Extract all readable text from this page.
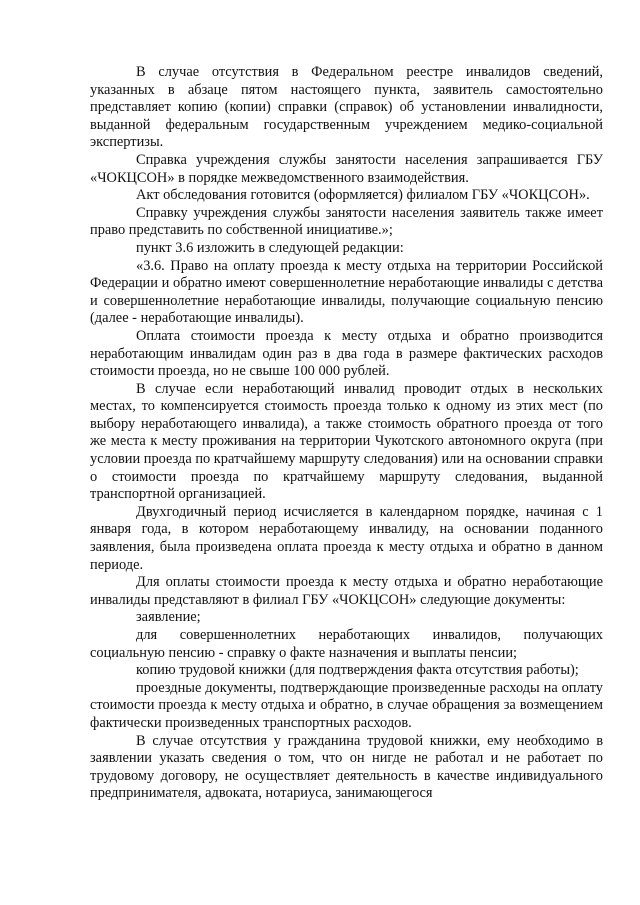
В случае отсутствия в Федеральном реестре инвалидов сведений, указанных в абзаце пятом настоящего пункта, заявитель самостоятельно представляет копию (копии) справки (справок) об установлении инвалидности, выданной федеральным государственным учреждением медико-социальной экспертизы.

Справка учреждения службы занятости населения запрашивается ГБУ «ЧОКЦСОН» в порядке межведомственного взаимодействия.

Акт обследования готовится (оформляется) филиалом ГБУ «ЧОКЦСОН».

Справку учреждения службы занятости населения заявитель также имеет право представить по собственной инициативе.»;

пункт 3.6 изложить в следующей редакции:

«3.6. Право на оплату проезда к месту отдыха на территории Российской Федерации и обратно имеют совершеннолетние неработающие инвалиды с детства и совершеннолетние неработающие инвалиды, получающие социальную пенсию (далее - неработающие инвалиды).

Оплата стоимости проезда к месту отдыха и обратно производится неработающим инвалидам один раз в два года в размере фактических расходов стоимости проезда, но не свыше 100 000 рублей.

В случае если неработающий инвалид проводит отдых в нескольких местах, то компенсируется стоимость проезда только к одному из этих мест (по выбору неработающего инвалида), а также стоимость обратного проезда от того же места к месту проживания на территории Чукотского автономного округа (при условии проезда по кратчайшему маршруту следования) или на основании справки о стоимости проезда по кратчайшему маршруту следования, выданной транспортной организацией.

Двухгодичный период исчисляется в календарном порядке, начиная с 1 января года, в котором неработающему инвалиду, на основании поданного заявления, была произведена оплата проезда к месту отдыха и обратно в данном периоде.

Для оплаты стоимости проезда к месту отдыха и обратно неработающие инвалиды представляют в филиал ГБУ «ЧОКЦСОН» следующие документы:

заявление;

для совершеннолетних неработающих инвалидов, получающих социальную пенсию - справку о факте назначения и выплаты пенсии;

копию трудовой книжки (для подтверждения факта отсутствия работы);

проездные документы, подтверждающие произведенные расходы на оплату стоимости проезда к месту отдыха и обратно, в случае обращения за возмещением фактически произведенных транспортных расходов.

В случае отсутствия у гражданина трудовой книжки, ему необходимо в заявлении указать сведения о том, что он нигде не работал и не работает по трудовому договору, не осуществляет деятельность в качестве индивидуального предпринимателя, адвоката, нотариуса, занимающегося
